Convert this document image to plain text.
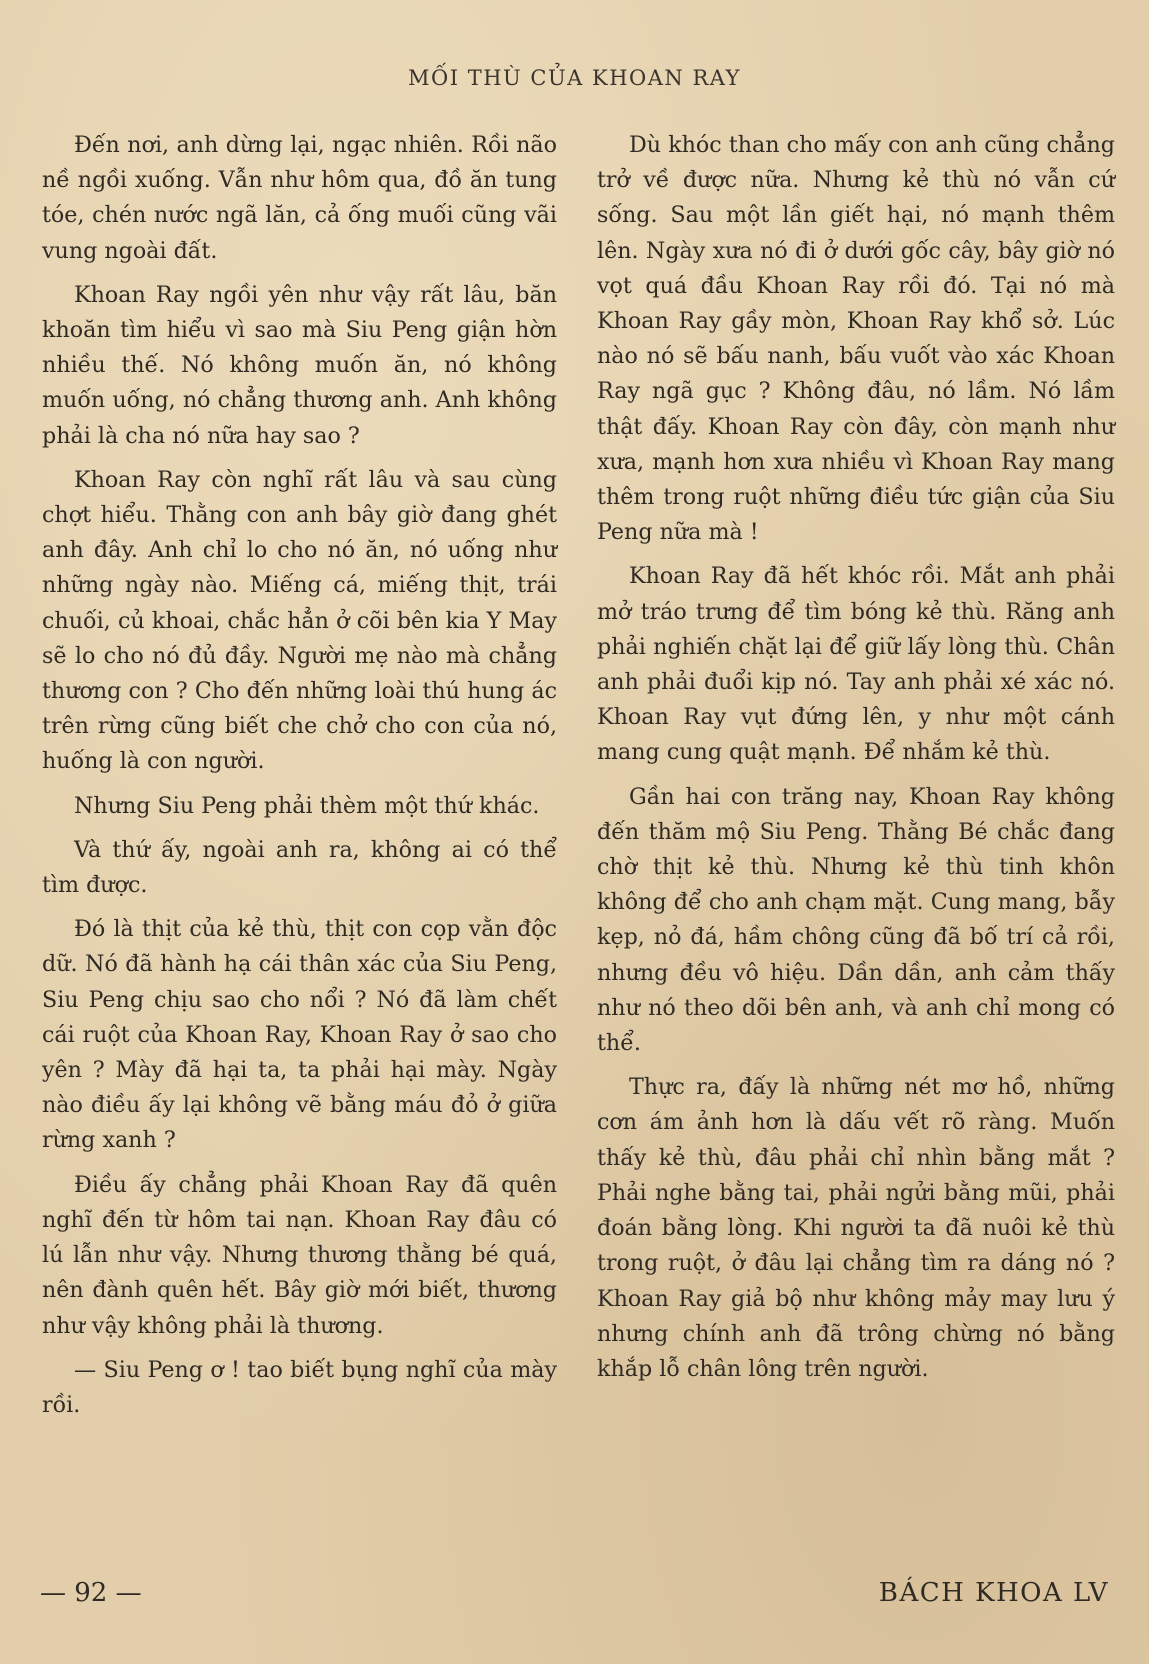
MỐI THÙ CỦA KHOAN RAY

Đến nơi, anh dừng lại, ngạc nhiên. Rồi não nề ngồi xuống. Vẫn như hôm qua, đồ ăn tung tóe, chén nước ngã lăn, cả ống muối cũng vãi vung ngoài đất.

Khoan Ray ngồi yên như vậy rất lâu, băn khoăn tìm hiểu vì sao mà Siu Peng giận hờn nhiều thế. Nó không muốn ăn, nó không muốn uống, nó chẳng thương anh. Anh không phải là cha nó nữa hay sao ?

Khoan Ray còn nghĩ rất lâu và sau cùng chợt hiểu. Thằng con anh bây giờ đang ghét anh đây. Anh chỉ lo cho nó ăn, nó uống như những ngày nào. Miếng cá, miếng thịt, trái chuối, củ khoai, chắc hẳn ở cõi bên kia Y May sẽ lo cho nó đủ đầy. Người mẹ nào mà chẳng thương con ? Cho đến những loài thú hung ác trên rừng cũng biết che chở cho con của nó, huống là con người.

Nhưng Siu Peng phải thèm một thứ khác.

Và thứ ấy, ngoài anh ra, không ai có thể tìm được.

Đó là thịt của kẻ thù, thịt con cọp vằn độc dữ. Nó đã hành hạ cái thân xác của Siu Peng, Siu Peng chịu sao cho nổi ? Nó đã làm chết cái ruột của Khoan Ray, Khoan Ray ở sao cho yên ? Mày đã hại ta, ta phải hại mày. Ngày nào điều ấy lại không vẽ bằng máu đỏ ở giữa rừng xanh ?

Điều ấy chẳng phải Khoan Ray đã quên nghĩ đến từ hôm tai nạn. Khoan Ray đâu có lú lẫn như vậy. Nhưng thương thằng bé quá, nên đành quên hết. Bây giờ mới biết, thương như vậy không phải là thương.

— Siu Peng ơ ! tao biết bụng nghĩ của mày rồi.

Dù khóc than cho mấy con anh cũng chẳng trở về được nữa. Nhưng kẻ thù nó vẫn cứ sống. Sau một lần giết hại, nó mạnh thêm lên. Ngày xưa nó đi ở dưới gốc cây, bây giờ nó vọt quá đầu Khoan Ray rồi đó. Tại nó mà Khoan Ray gầy mòn, Khoan Ray khổ sở. Lúc nào nó sẽ bấu nanh, bấu vuốt vào xác Khoan Ray ngã gục ? Không đâu, nó lầm. Nó lầm thật đấy. Khoan Ray còn đây, còn mạnh như xưa, mạnh hơn xưa nhiều vì Khoan Ray mang thêm trong ruột những điều tức giận của Siu Peng nữa mà !

Khoan Ray đã hết khóc rồi. Mắt anh phải mở tráo trưng để tìm bóng kẻ thù. Răng anh phải nghiến chặt lại để giữ lấy lòng thù. Chân anh phải đuổi kịp nó. Tay anh phải xé xác nó. Khoan Ray vụt đứng lên, y như một cánh mang cung quật mạnh. Để nhắm kẻ thù.

Gần hai con trăng nay, Khoan Ray không đến thăm mộ Siu Peng. Thằng Bé chắc đang chờ thịt kẻ thù. Nhưng kẻ thù tinh khôn không để cho anh chạm mặt. Cung mang, bẫy kẹp, nỏ đá, hầm chông cũng đã bố trí cả rồi, nhưng đều vô hiệu. Dần dần, anh cảm thấy như nó theo dõi bên anh, và anh chỉ mong có thể.

Thực ra, đấy là những nét mơ hồ, những cơn ám ảnh hơn là dấu vết rõ ràng. Muốn thấy kẻ thù, đâu phải chỉ nhìn bằng mắt ? Phải nghe bằng tai, phải ngửi bằng mũi, phải đoán bằng lòng. Khi người ta đã nuôi kẻ thù trong ruột, ở đâu lại chẳng tìm ra dáng nó ? Khoan Ray giả bộ như không mảy may lưu ý nhưng chính anh đã trông chừng nó bằng khắp lỗ chân lông trên người.

— 92 —	BÁCH KHOA LV
